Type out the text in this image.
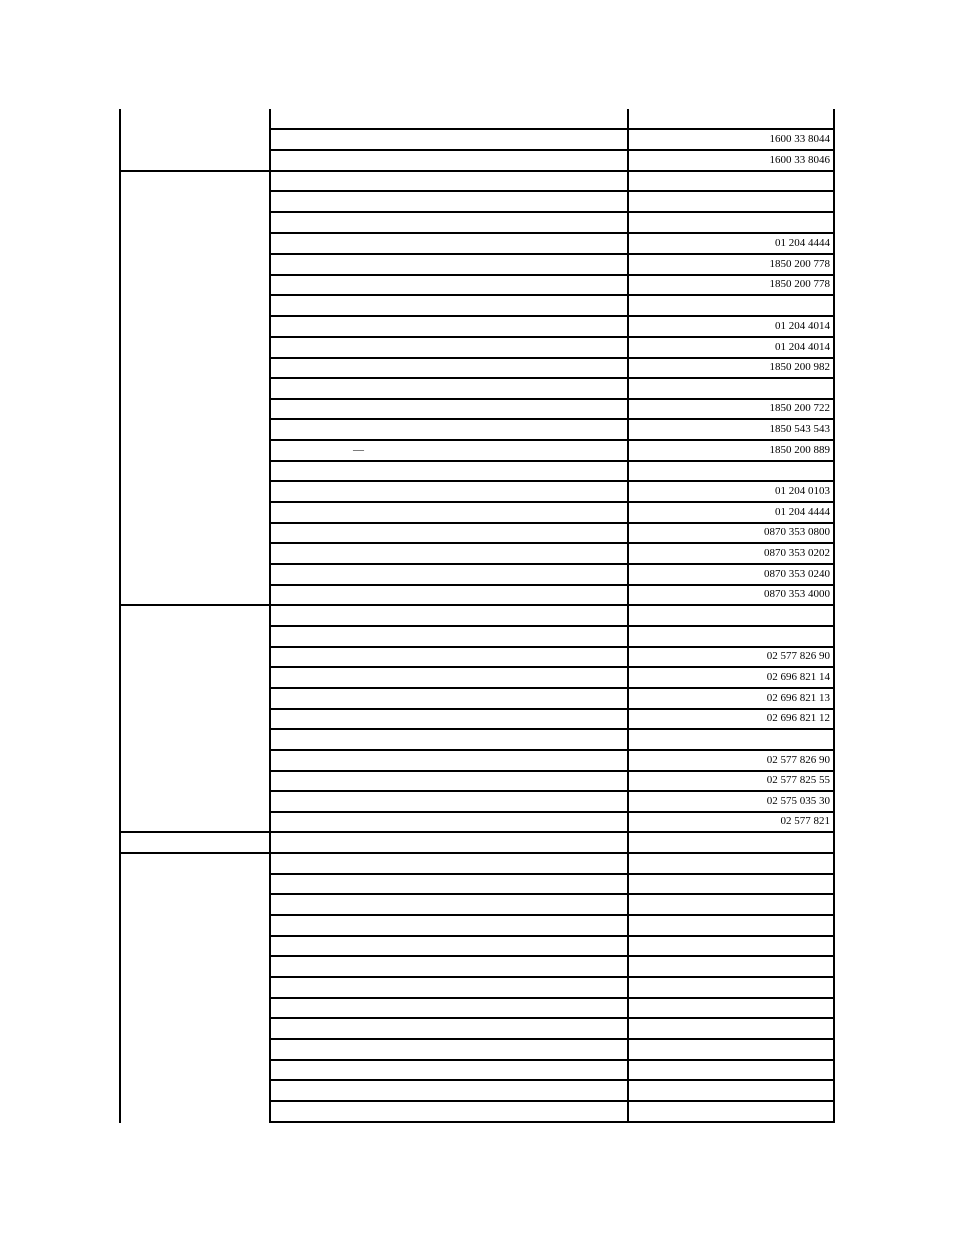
1600 33 8044
1600 33 8046
01 204 4444
1850 200 778
1850 200 778
01 204 4014
01 204 4014
1850 200 982
1850 200 722
1850 543 543
1850 200 889
—
01 204 0103
01 204 4444
0870 353 0800
0870 353 0202
0870 353 0240
0870 353 4000
02 577 826 90
02 696 821 14
02 696 821 13
02 696 821 12
02 577 826 90
02 577 825 55
02 575 035 30
02 577 821
